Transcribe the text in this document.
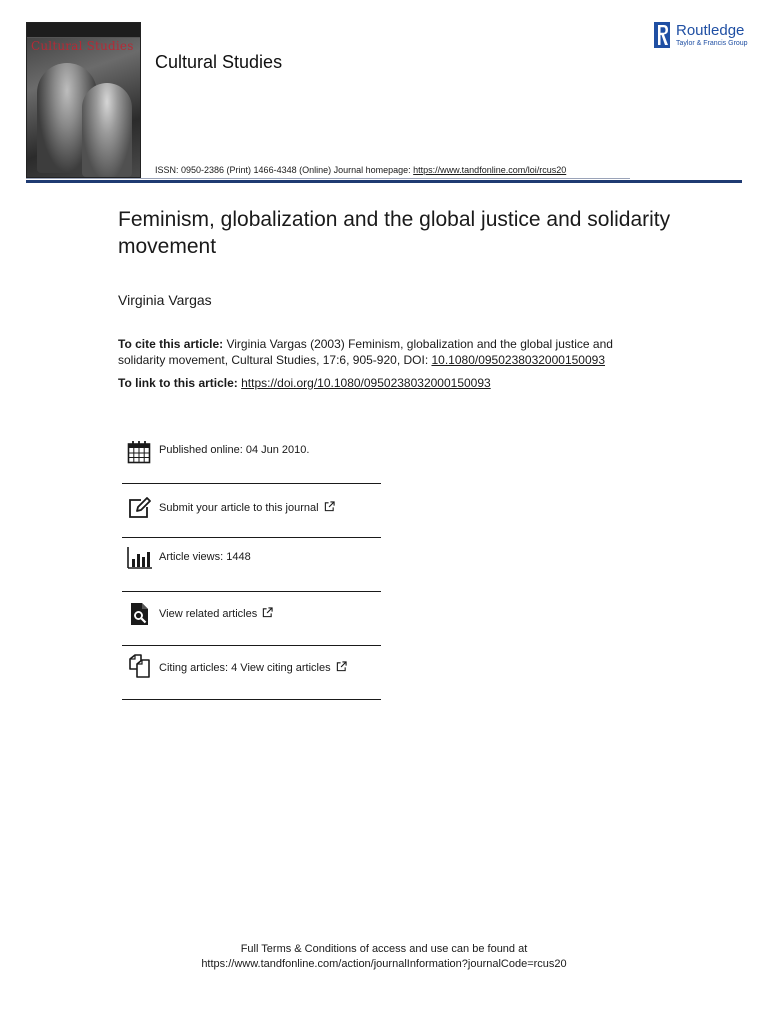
Cultural Studies
Cultural Studies
Routledge
Taylor & Francis Group
ISSN: 0950-2386 (Print) 1466-4348 (Online) Journal homepage: https://www.tandfonline.com/loi/rcus20
Feminism, globalization and the global justice and solidarity movement
Virginia Vargas
To cite this article: Virginia Vargas (2003) Feminism, globalization and the global justice and solidarity movement, Cultural Studies, 17:6, 905-920, DOI: 10.1080/0950238032000150093
To link to this article: https://doi.org/10.1080/0950238032000150093
Published online: 04 Jun 2010.
Submit your article to this journal
Article views: 1448
View related articles
Citing articles: 4 View citing articles
Full Terms & Conditions of access and use can be found at
https://www.tandfonline.com/action/journalInformation?journalCode=rcus20
